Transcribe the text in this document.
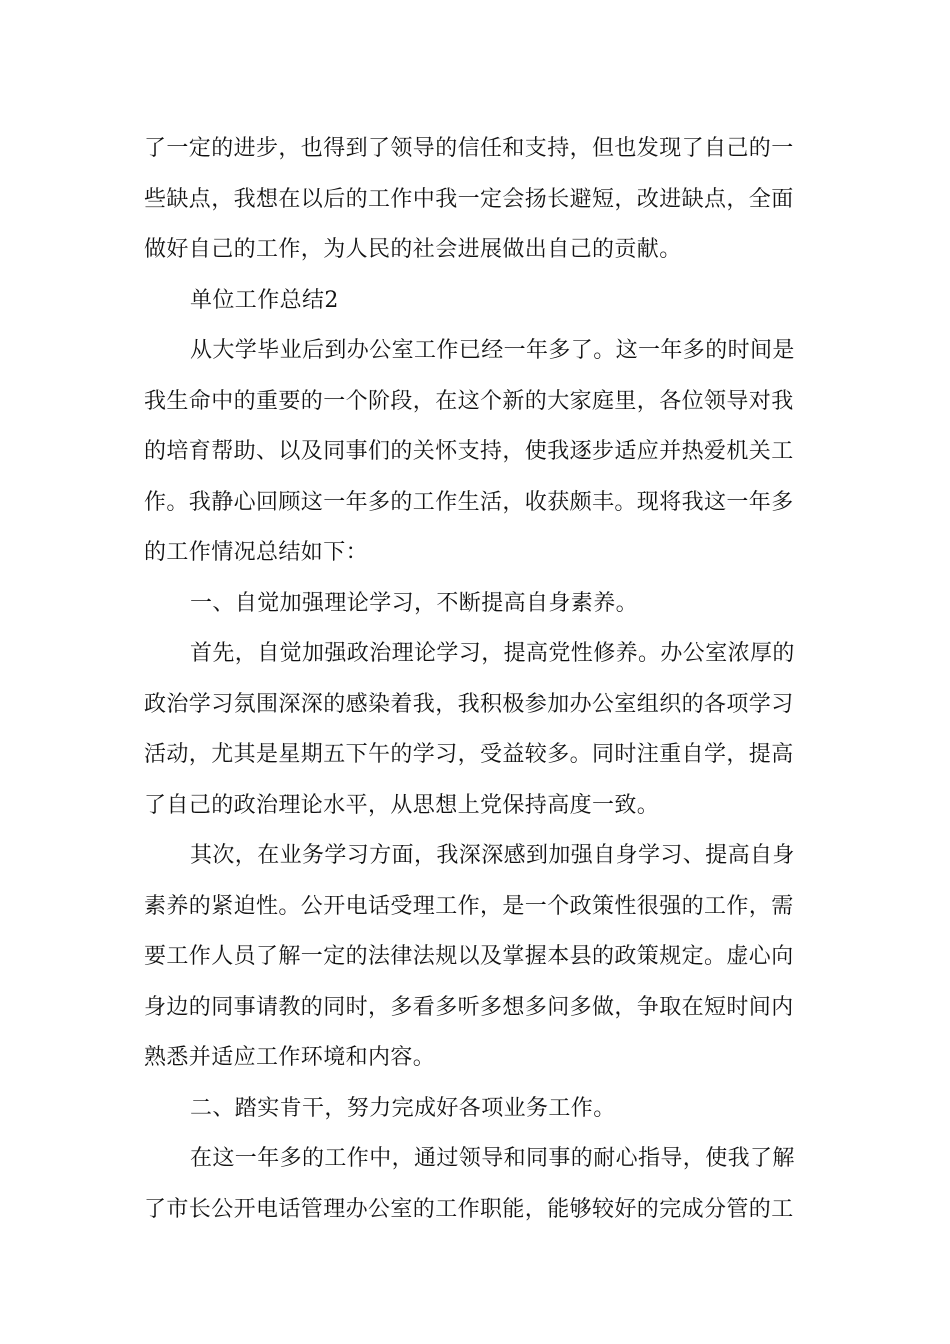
了一定的进步，也得到了领导的信任和支持，但也发现了自己的一
些缺点，我想在以后的工作中我一定会扬长避短，改进缺点，全面
做好自己的工作，为人民的社会进展做出自己的贡献。
单位工作总结2
从大学毕业后到办公室工作已经一年多了。这一年多的时间是
我生命中的重要的一个阶段，在这个新的大家庭里，各位领导对我
的培育帮助、以及同事们的关怀支持，使我逐步适应并热爱机关工
作。我静心回顾这一年多的工作生活，收获颇丰。现将我这一年多
的工作情况总结如下：
一、自觉加强理论学习，不断提高自身素养。
首先，自觉加强政治理论学习，提高党性修养。办公室浓厚的
政治学习氛围深深的感染着我，我积极参加办公室组织的各项学习
活动，尤其是星期五下午的学习，受益较多。同时注重自学，提高
了自己的政治理论水平，从思想上党保持高度一致。
其次，在业务学习方面，我深深感到加强自身学习、提高自身
素养的紧迫性。公开电话受理工作，是一个政策性很强的工作，需
要工作人员了解一定的法律法规以及掌握本县的政策规定。虚心向
身边的同事请教的同时，多看多听多想多问多做，争取在短时间内
熟悉并适应工作环境和内容。
二、踏实肯干，努力完成好各项业务工作。
在这一年多的工作中，通过领导和同事的耐心指导，使我了解
了市长公开电话管理办公室的工作职能，能够较好的完成分管的工
